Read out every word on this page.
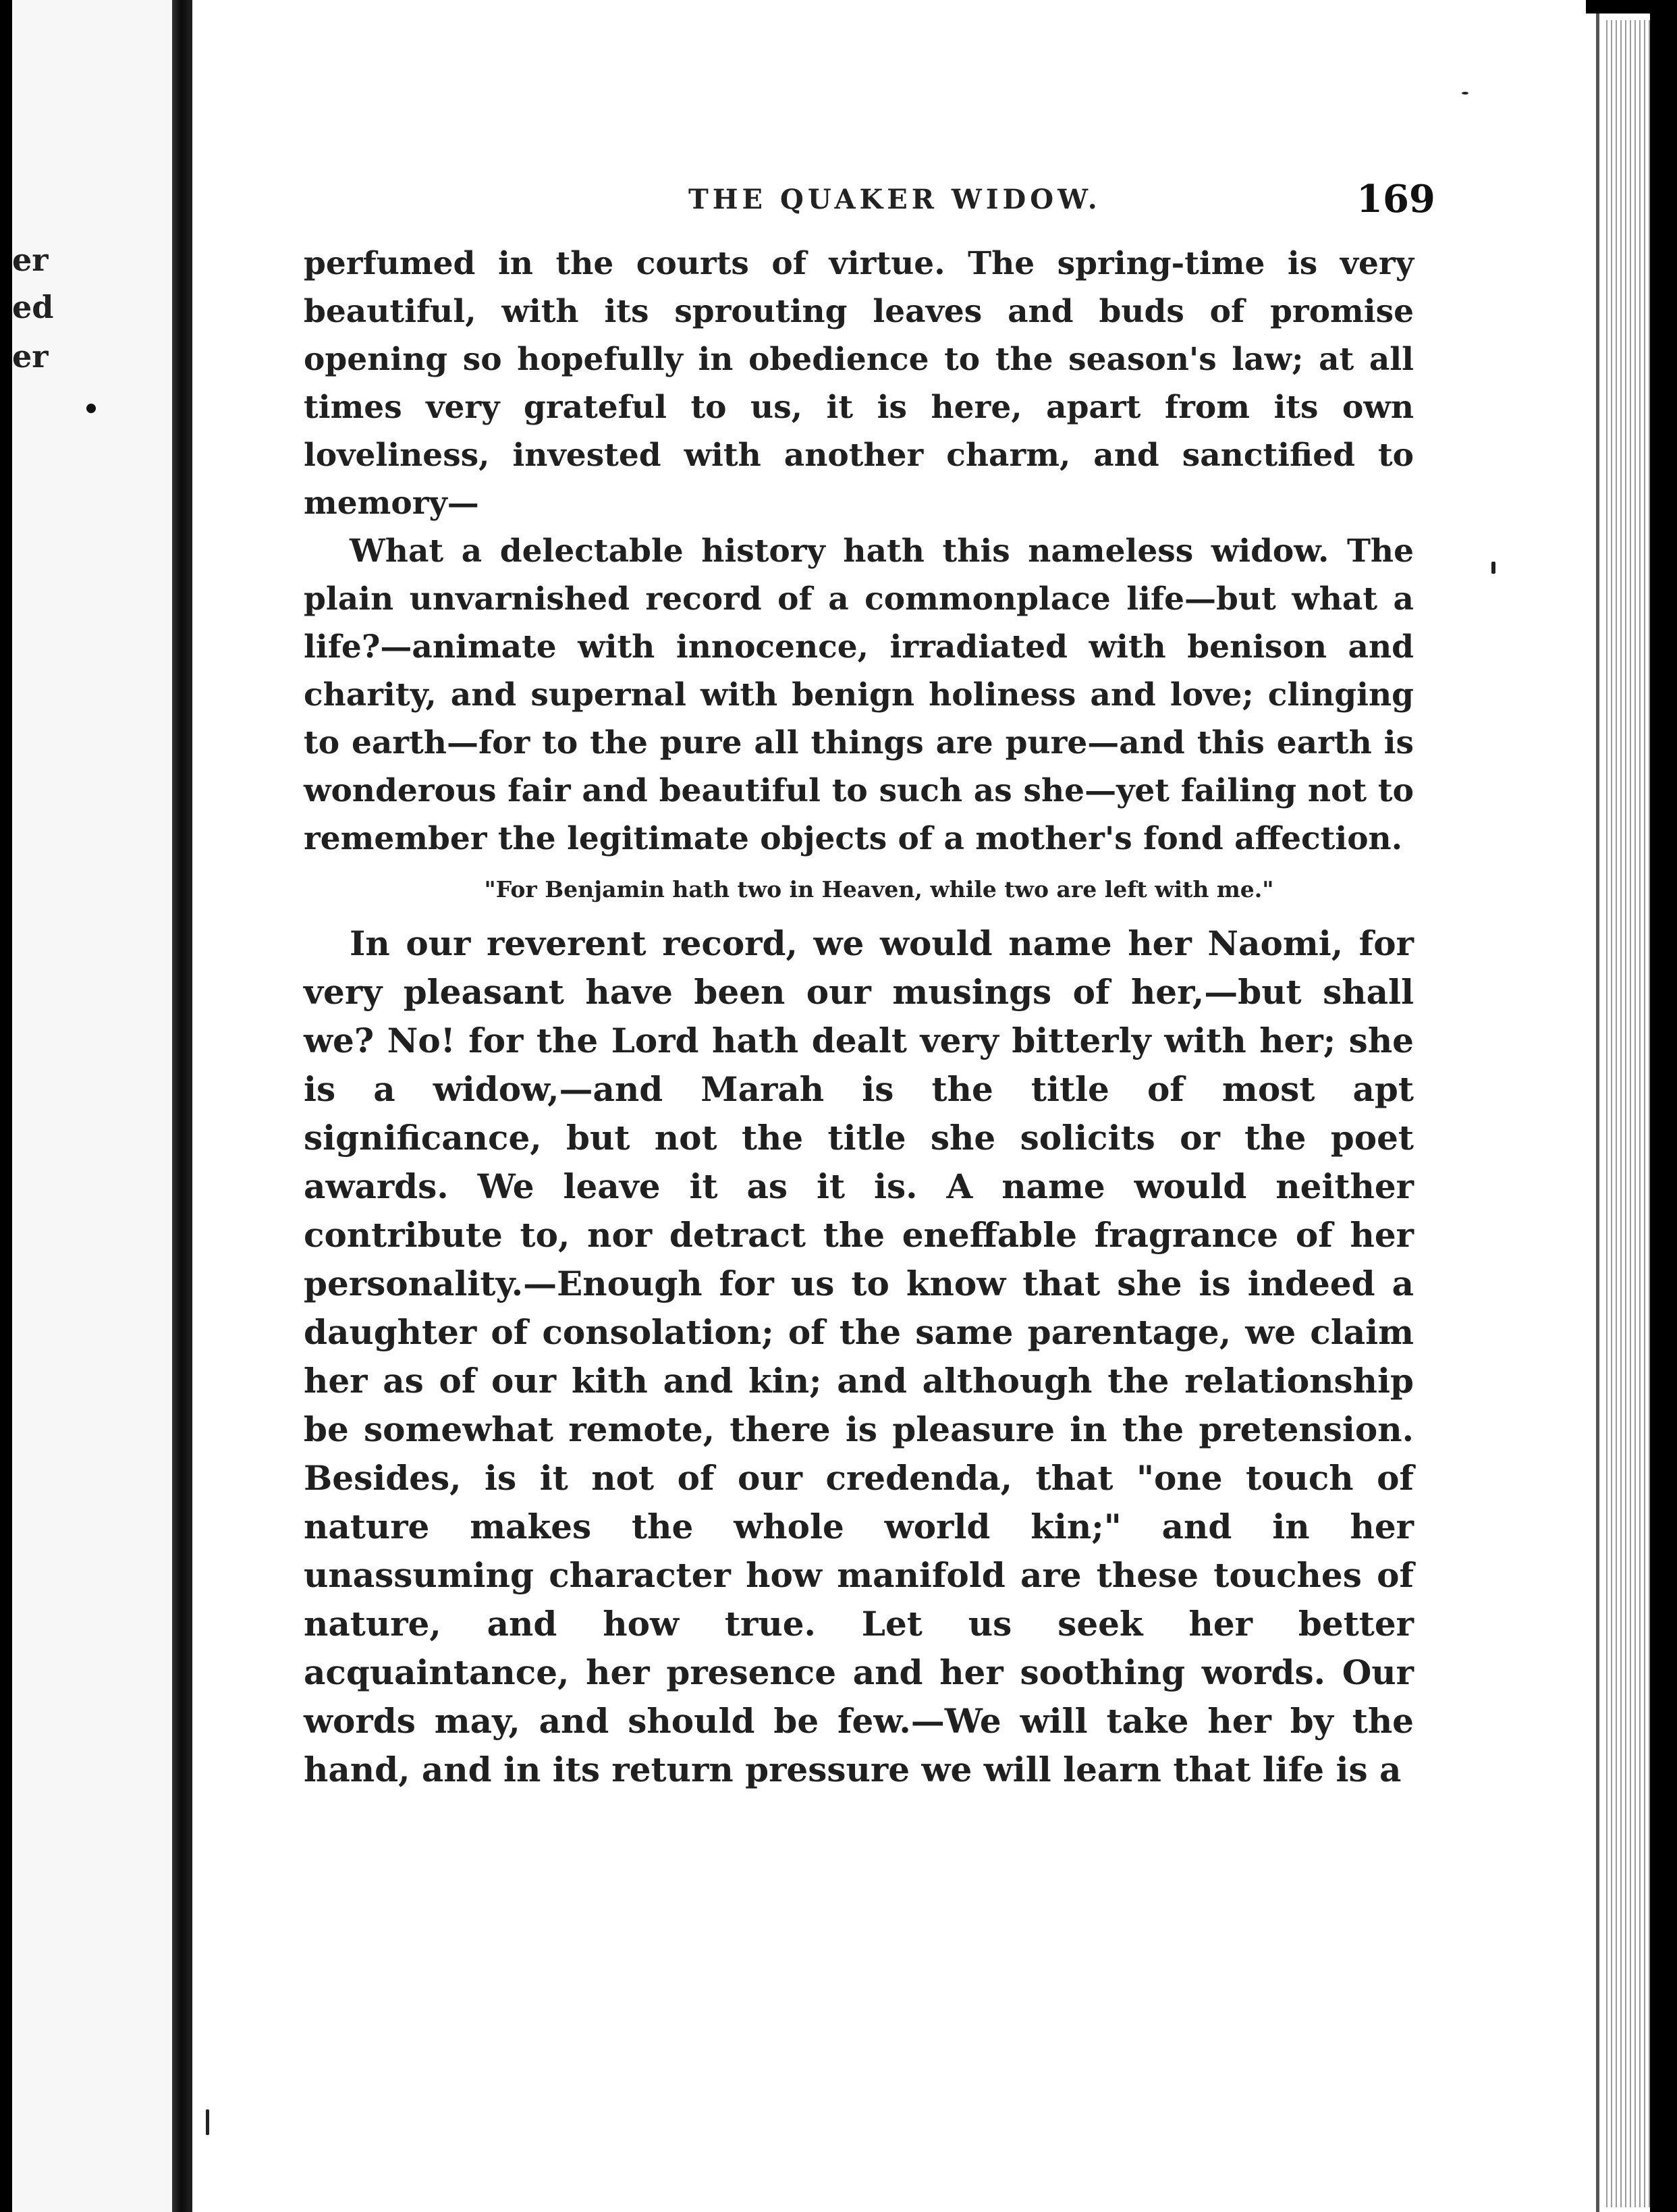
er
ed
er
THE QUAKER WIDOW.	169

perfumed in the courts of virtue. The spring-time is very beautiful, with its sprouting leaves and buds of promise opening so hopefully in obedience to the season's law; at all times very grateful to us, it is here, apart from its own loveliness, invested with another charm, and sanctified to memory—

What a delectable history hath this nameless widow. The plain unvarnished record of a commonplace life—but what a life?—animate with innocence, irradiated with benison and charity, and supernal with benign holiness and love; clinging to earth—for to the pure all things are pure—and this earth is wonderous fair and beautiful to such as she—yet failing not to remember the legitimate objects of a mother's fond affection.

"For Benjamin hath two in Heaven, while two are left with me."

In our reverent record, we would name her Naomi, for very pleasant have been our musings of her,—but shall we? No! for the Lord hath dealt very bitterly with her; she is a widow,—and Marah is the title of most apt significance, but not the title she solicits or the poet awards. We leave it as it is. A name would neither contribute to, nor detract the eneffable fragrance of her personality.—Enough for us to know that she is indeed a daughter of consolation; of the same parentage, we claim her as of our kith and kin; and although the relationship be somewhat remote, there is pleasure in the pretension. Besides, is it not of our credenda, that "one touch of nature makes the whole world kin;" and in her unassuming character how manifold are these touches of nature, and how true. Let us seek her better acquaintance, her presence and her soothing words. Our words may, and should be few.—We will take her by the hand, and in its return pressure we will learn that life is a
